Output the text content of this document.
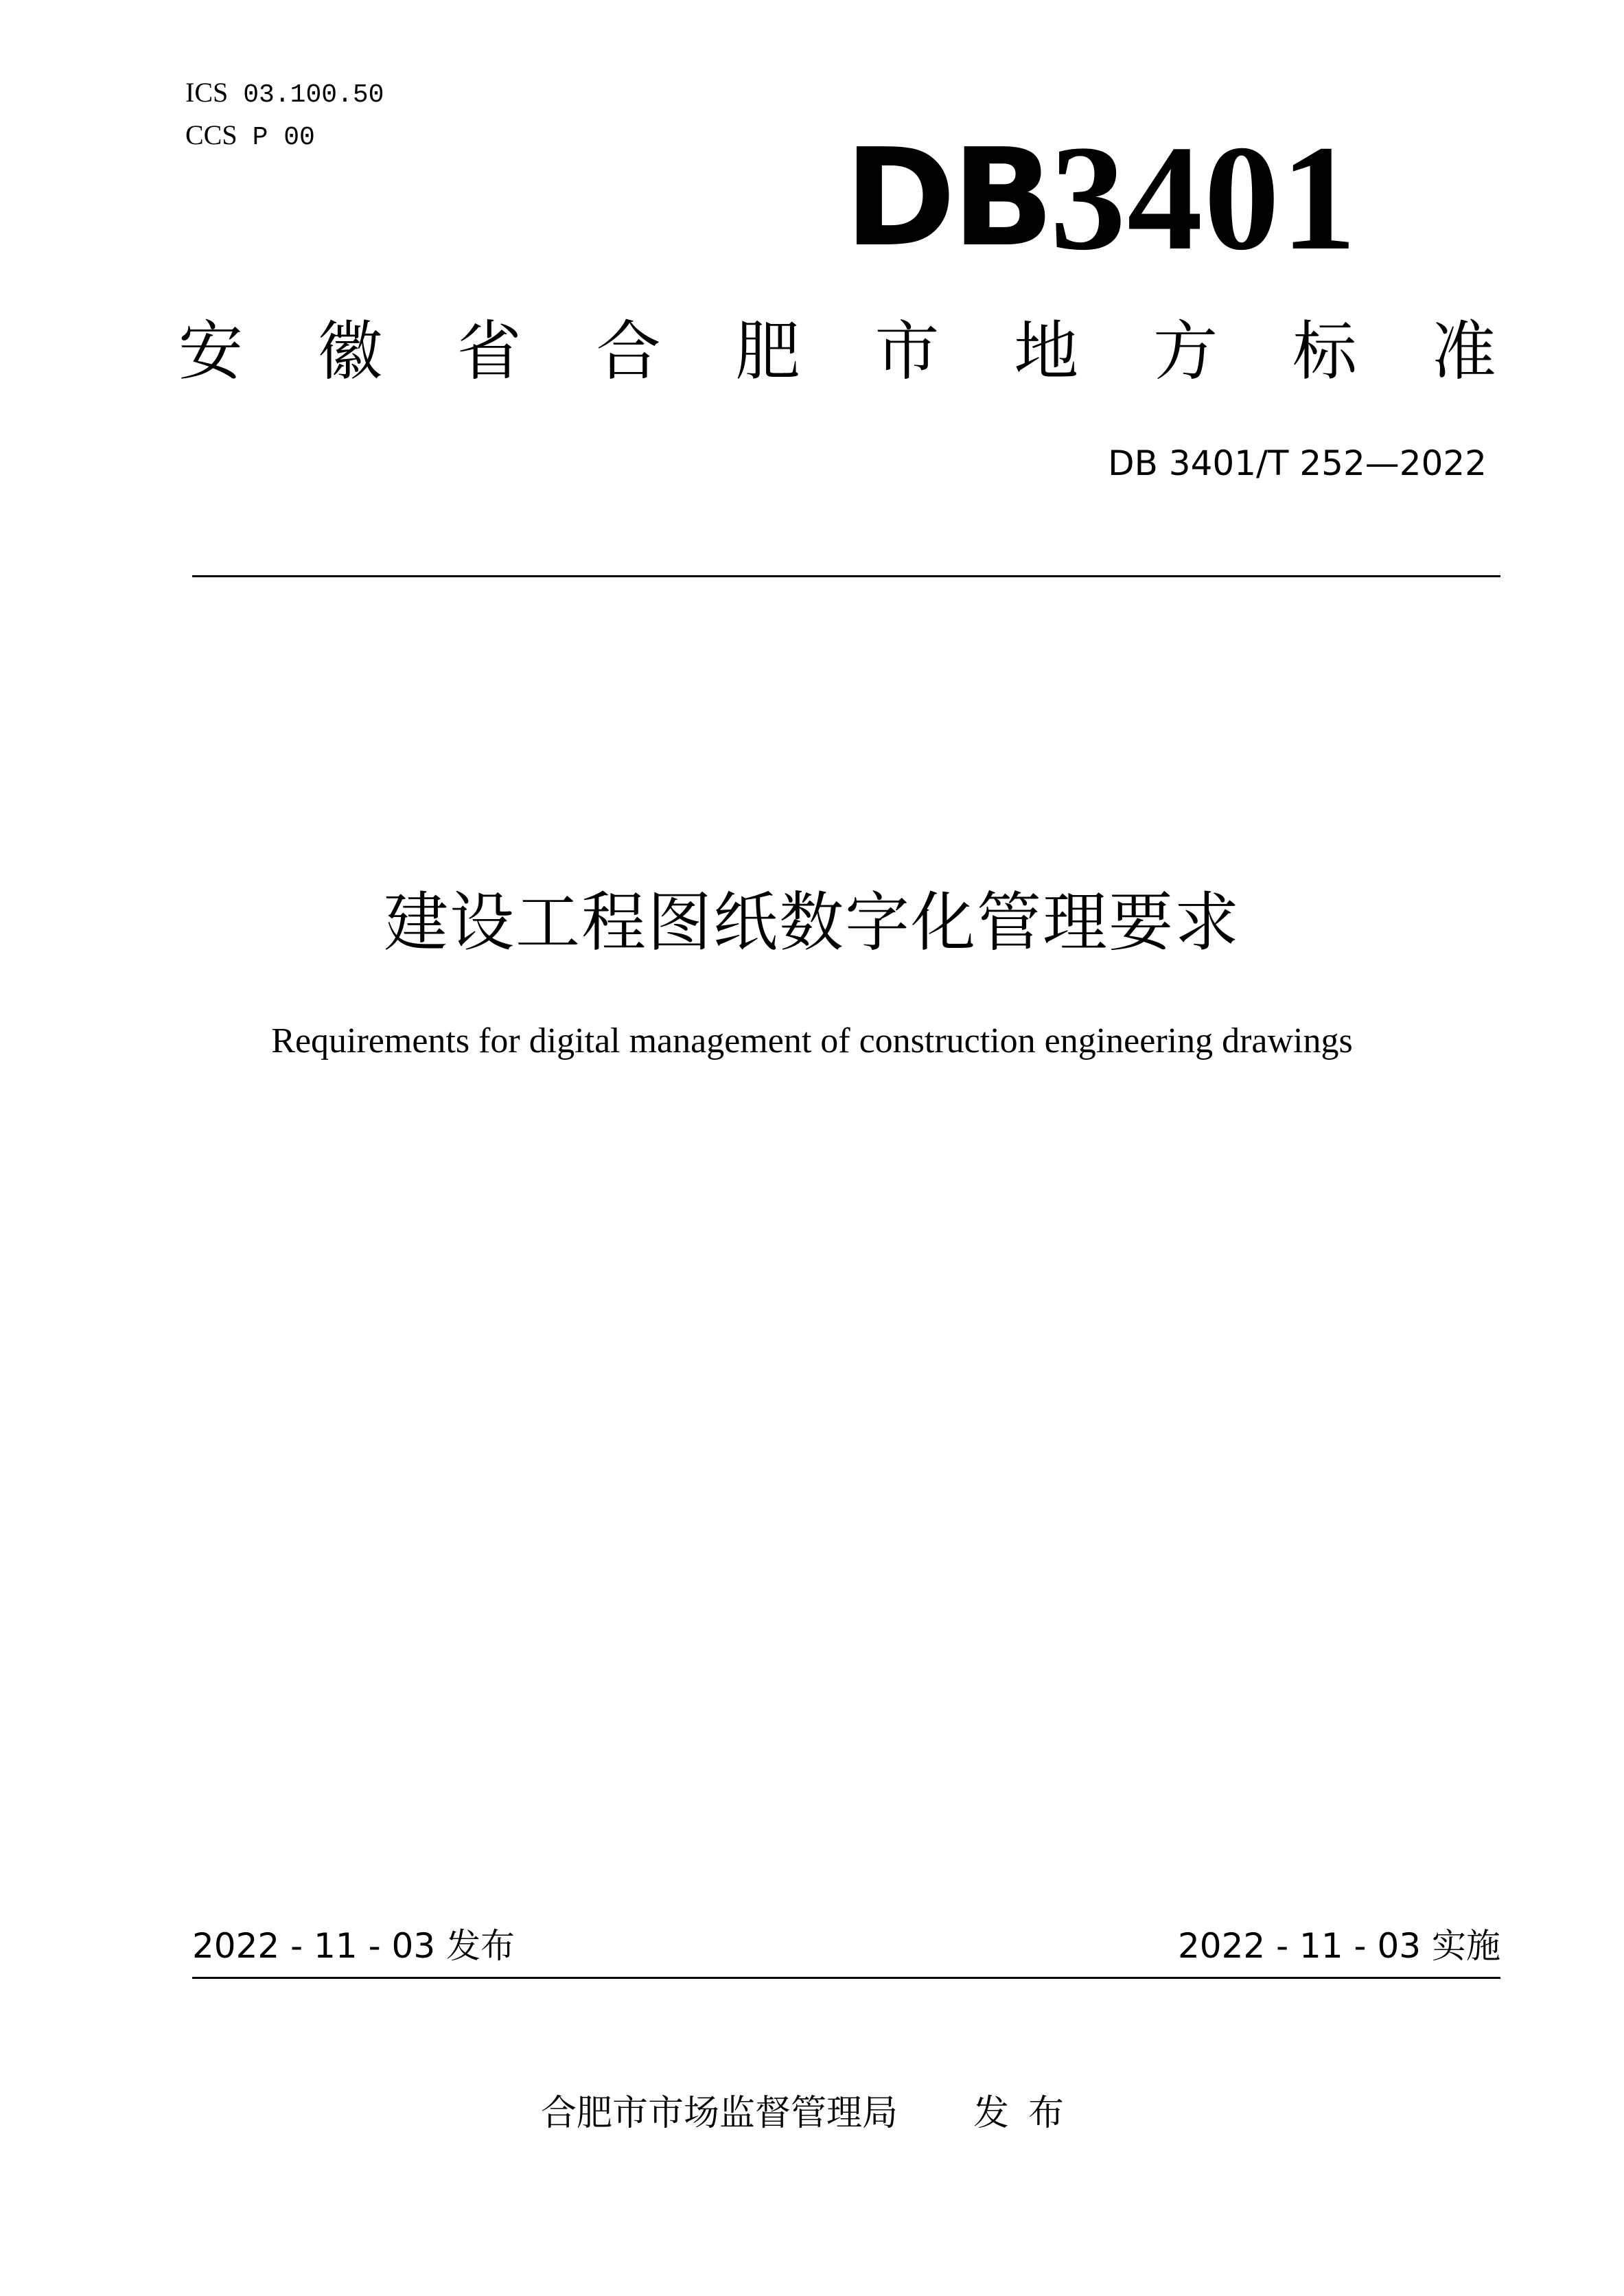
ICS 03.100.50
CCS P 00	DB3401
安 徽 省 合 肥 市 地 方 标 准
DB 3401/T 252—2022
建设工程图纸数字化管理要求
Requirements for digital management of construction engineering drawings
2022 - 11 - 03 发布	2022 - 11 - 03 实施
合肥市市场监督管理局 发布
